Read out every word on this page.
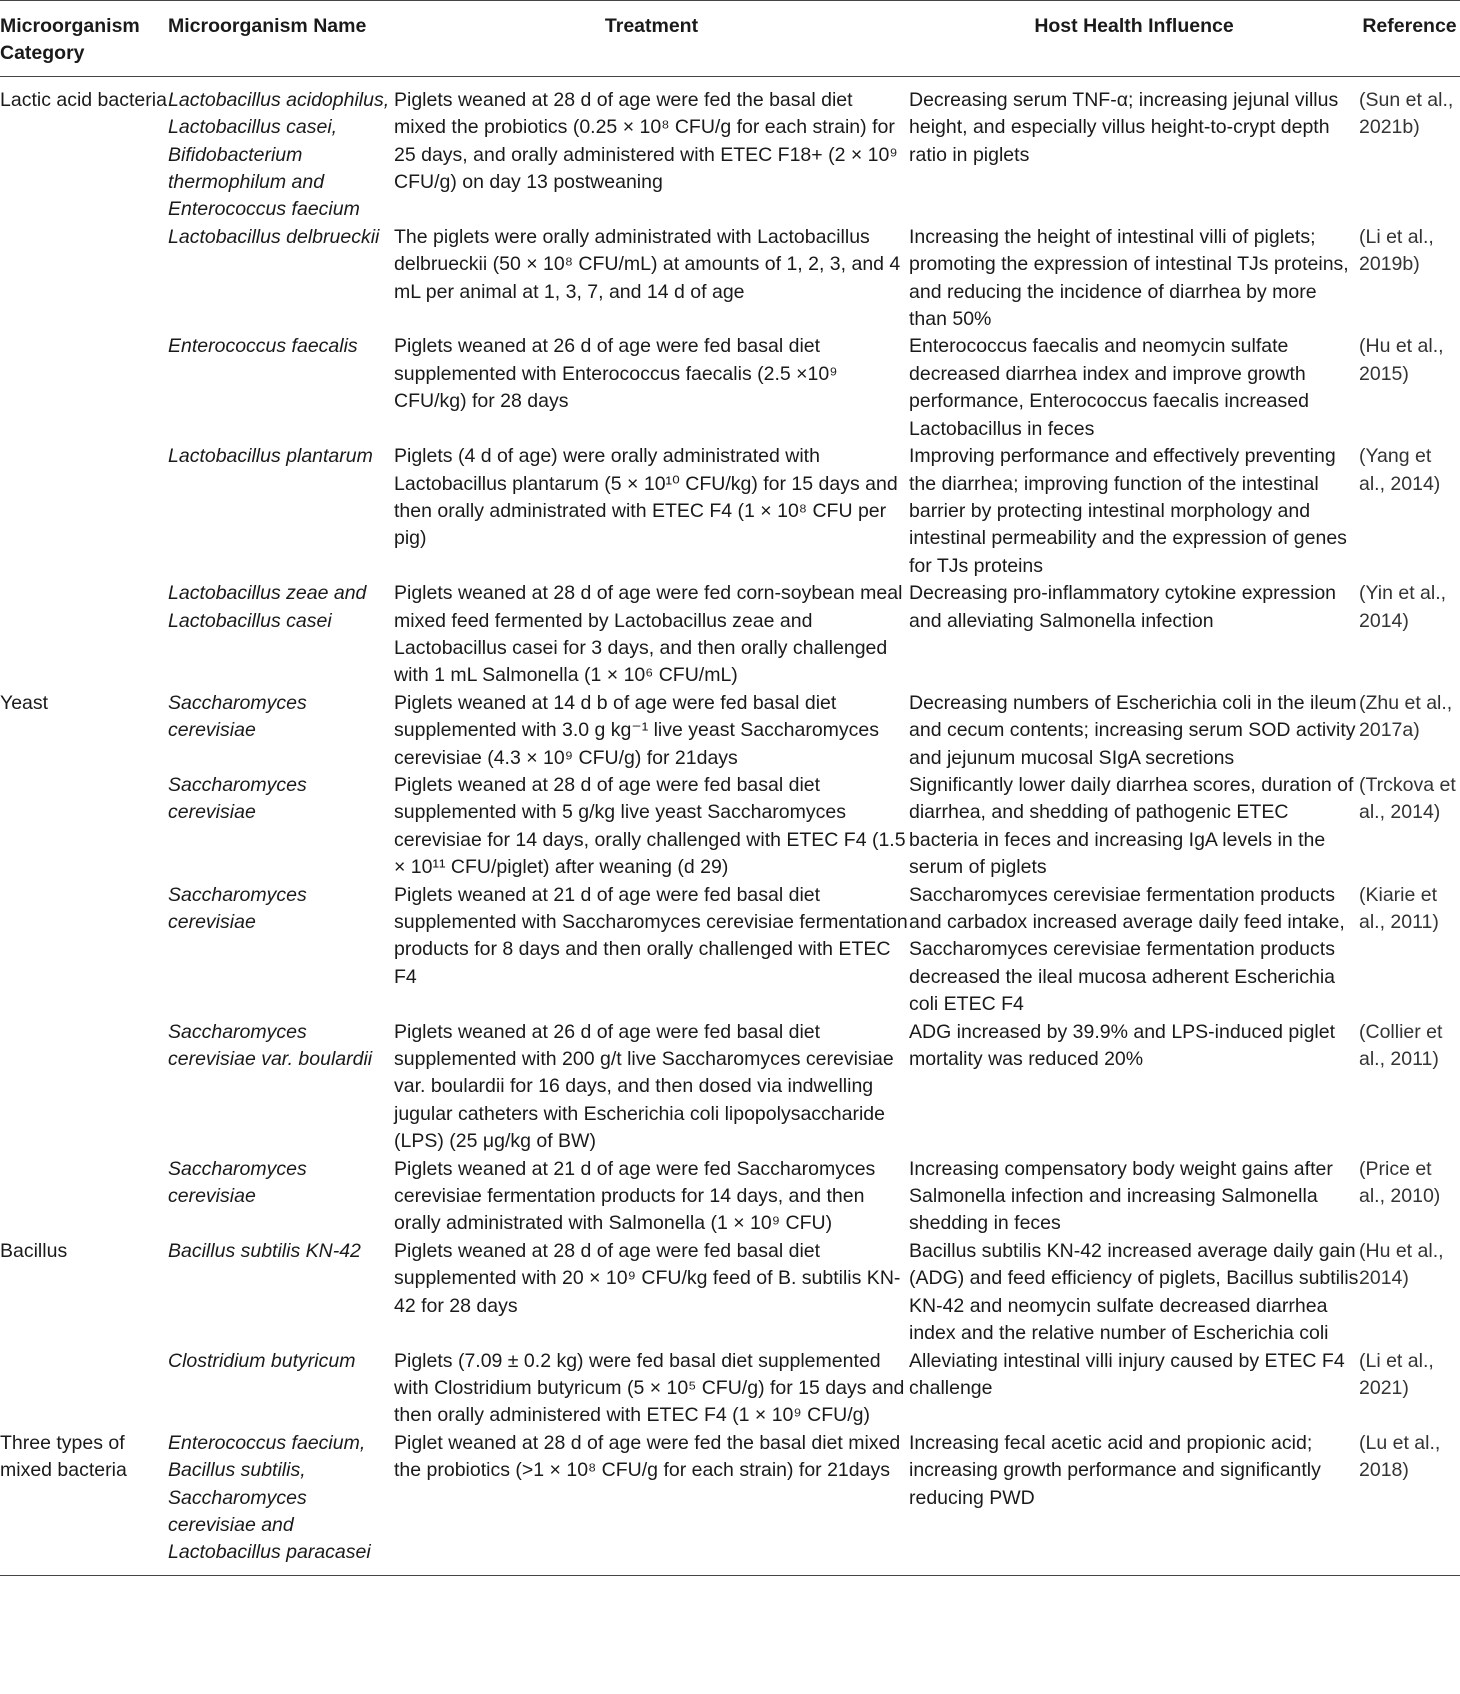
Microorganism Category	Microorganism Name	Treatment	Host Health Influence	Reference
Lactic acid bacteria	Lactobacillus acidophilus, Lactobacillus casei, Bifidobacterium thermophilum and Enterococcus faecium	Piglets weaned at 28 d of age were fed the basal diet mixed the probiotics (0.25 × 10⁸ CFU/g for each strain) for 25 days, and orally administered with ETEC F18+ (2 × 10⁹ CFU/g) on day 13 postweaning	Decreasing serum TNF-α; increasing jejunal villus height, and especially villus height-to-crypt depth ratio in piglets	(Sun et al., 2021b)
	Lactobacillus delbrueckii	The piglets were orally administrated with Lactobacillus delbrueckii (50 × 10⁸ CFU/mL) at amounts of 1, 2, 3, and 4 mL per animal at 1, 3, 7, and 14 d of age	Increasing the height of intestinal villi of piglets; promoting the expression of intestinal TJs proteins, and reducing the incidence of diarrhea by more than 50%	(Li et al., 2019b)
	Enterococcus faecalis	Piglets weaned at 26 d of age were fed basal diet supplemented with Enterococcus faecalis (2.5 ×10⁹ CFU/kg) for 28 days	Enterococcus faecalis and neomycin sulfate decreased diarrhea index and improve growth performance, Enterococcus faecalis increased Lactobacillus in feces	(Hu et al., 2015)
	Lactobacillus plantarum	Piglets (4 d of age) were orally administrated with Lactobacillus plantarum (5 × 10¹⁰ CFU/kg) for 15 days and then orally administrated with ETEC F4 (1 × 10⁸ CFU per pig)	Improving performance and effectively preventing the diarrhea; improving function of the intestinal barrier by protecting intestinal morphology and intestinal permeability and the expression of genes for TJs proteins	(Yang et al., 2014)
	Lactobacillus zeae and Lactobacillus casei	Piglets weaned at 28 d of age were fed corn-soybean meal mixed feed fermented by Lactobacillus zeae and Lactobacillus casei for 3 days, and then orally challenged with 1 mL Salmonella (1 × 10⁶ CFU/mL)	Decreasing pro-inflammatory cytokine expression and alleviating Salmonella infection	(Yin et al., 2014)
Yeast	Saccharomyces cerevisiae	Piglets weaned at 14 d b of age were fed basal diet supplemented with 3.0 g kg⁻¹ live yeast Saccharomyces cerevisiae (4.3 × 10⁹ CFU/g) for 21days	Decreasing numbers of Escherichia coli in the ileum and cecum contents; increasing serum SOD activity and jejunum mucosal SIgA secretions	(Zhu et al., 2017a)
	Saccharomyces cerevisiae	Piglets weaned at 28 d of age were fed basal diet supplemented with 5 g/kg live yeast Saccharomyces cerevisiae for 14 days, orally challenged with ETEC F4 (1.5 × 10¹¹ CFU/piglet) after weaning (d 29)	Significantly lower daily diarrhea scores, duration of diarrhea, and shedding of pathogenic ETEC bacteria in feces and increasing IgA levels in the serum of piglets	(Trckova et al., 2014)
	Saccharomyces cerevisiae	Piglets weaned at 21 d of age were fed basal diet supplemented with Saccharomyces cerevisiae fermentation products for 8 days and then orally challenged with ETEC F4	Saccharomyces cerevisiae fermentation products and carbadox increased average daily feed intake, Saccharomyces cerevisiae fermentation products decreased the ileal mucosa adherent Escherichia coli ETEC F4	(Kiarie et al., 2011)
	Saccharomyces cerevisiae var. boulardii	Piglets weaned at 26 d of age were fed basal diet supplemented with 200 g/t live Saccharomyces cerevisiae var. boulardii for 16 days, and then dosed via indwelling jugular catheters with Escherichia coli lipopolysaccharide (LPS) (25 μg/kg of BW)	ADG increased by 39.9% and LPS-induced piglet mortality was reduced 20%	(Collier et al., 2011)
	Saccharomyces cerevisiae	Piglets weaned at 21 d of age were fed Saccharomyces cerevisiae fermentation products for 14 days, and then orally administrated with Salmonella (1 × 10⁹ CFU)	Increasing compensatory body weight gains after Salmonella infection and increasing Salmonella shedding in feces	(Price et al., 2010)
Bacillus	Bacillus subtilis KN-42	Piglets weaned at 28 d of age were fed basal diet supplemented with 20 × 10⁹ CFU/kg feed of B. subtilis KN-42 for 28 days	Bacillus subtilis KN-42 increased average daily gain (ADG) and feed efficiency of piglets, Bacillus subtilis KN-42 and neomycin sulfate decreased diarrhea index and the relative number of Escherichia coli	(Hu et al., 2014)
	Clostridium butyricum	Piglets (7.09 ± 0.2 kg) were fed basal diet supplemented with Clostridium butyricum (5 × 10⁵ CFU/g) for 15 days and then orally administered with ETEC F4 (1 × 10⁹ CFU/g)	Alleviating intestinal villi injury caused by ETEC F4 challenge	(Li et al., 2021)
Three types of mixed bacteria	Enterococcus faecium, Bacillus subtilis, Saccharomyces cerevisiae and Lactobacillus paracasei	Piglet weaned at 28 d of age were fed the basal diet mixed the probiotics (>1 × 10⁸ CFU/g for each strain) for 21days	Increasing fecal acetic acid and propionic acid; increasing growth performance and significantly reducing PWD	(Lu et al., 2018)
